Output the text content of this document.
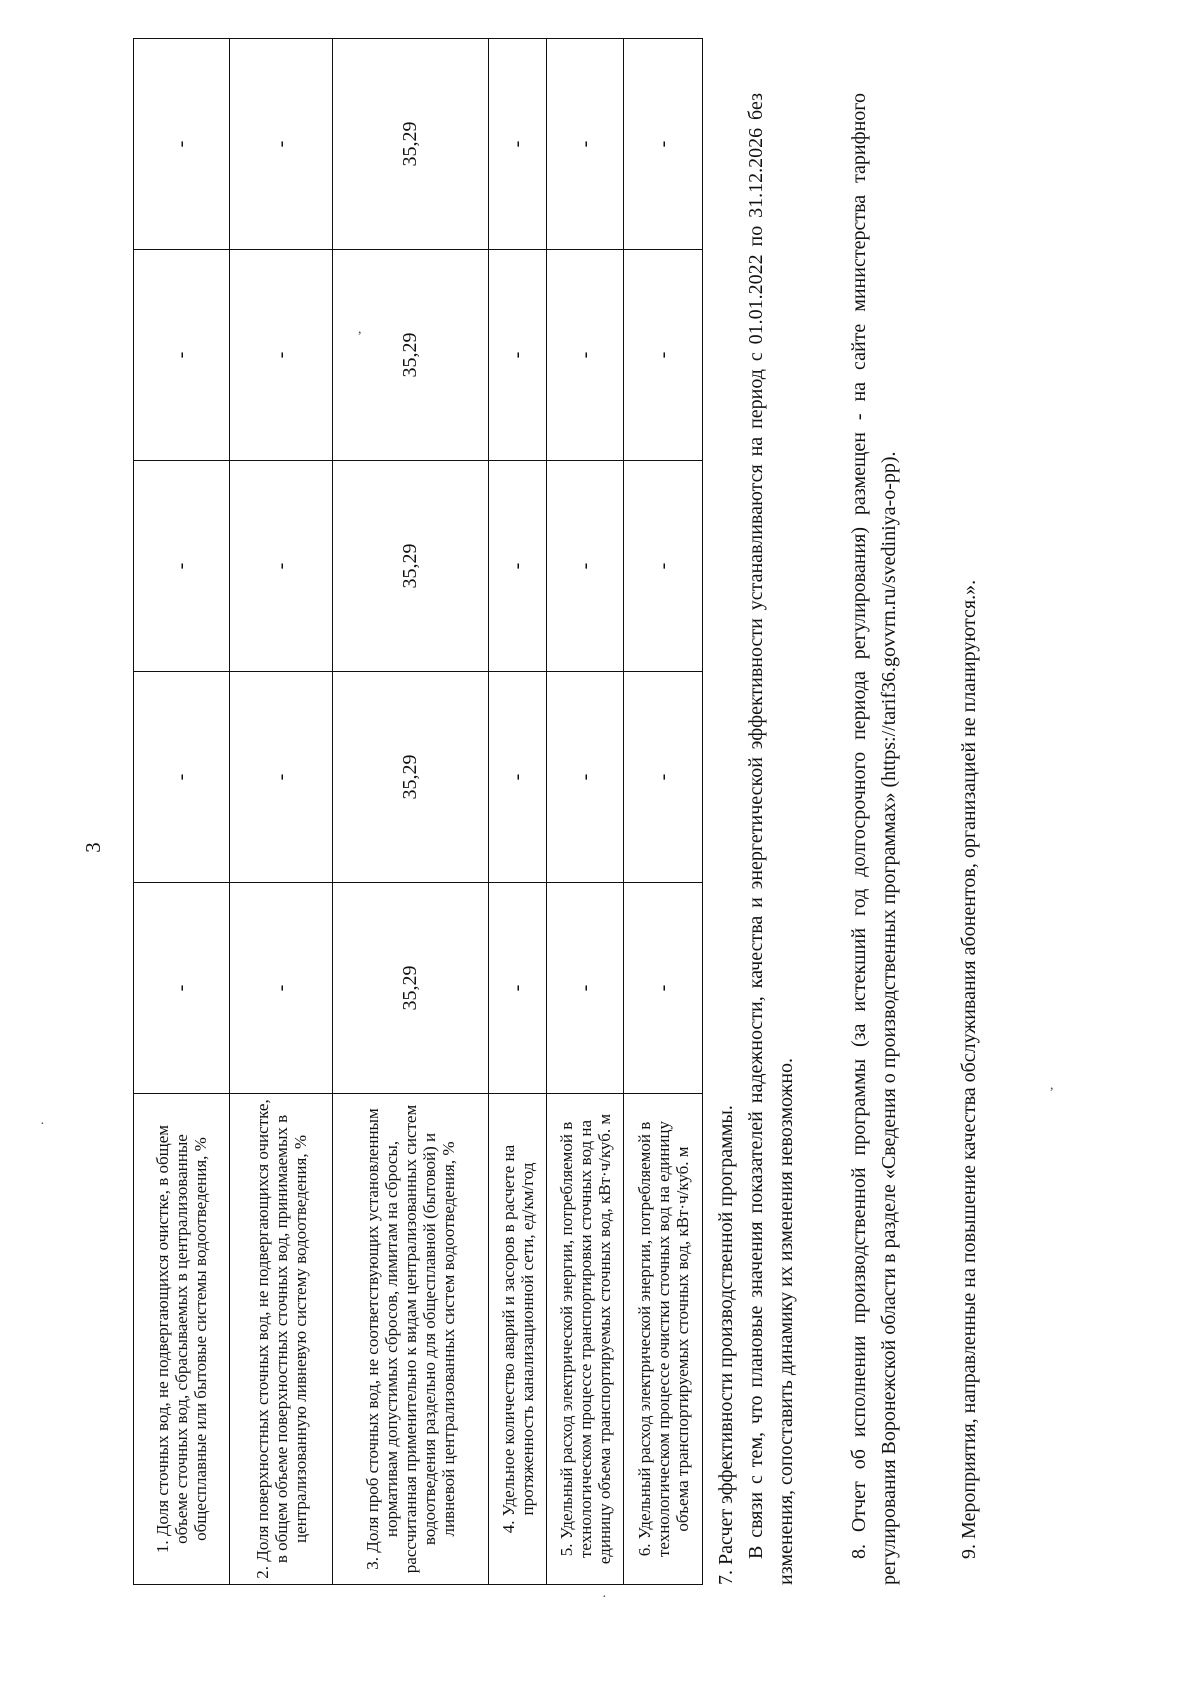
3
1. Доля сточных вод, не подвергающихся очистке, в общем объеме сточных вод, сбрасываемых в централизованные общесплавные или бытовые системы водоотведения, %	-	-	-	-	-
2. Доля поверхностных сточных вод, не подвергающихся очистке, в общем объеме поверхностных сточных вод, принимаемых в централизованную ливневую систему водоотведения, %	-	-	-	-	-
3. Доля проб сточных вод, не соответствующих установленным нормативам допустимых сбросов, лимитам на сбросы, рассчитанная применительно к видам централизованных систем водоотведения раздельно для общесплавной (бытовой) и ливневой централизованных систем водоотведения, %	35,29	35,29	35,29	35,29	35,29
4. Удельное количество аварий и засоров в расчете на протяженность канализационной сети, ед/км/год	-	-	-	-	-
5. Удельный расход электрической энергии, потребляемой в технологическом процессе транспортировки сточных вод на единицу объема транспортируемых сточных вод, кВт·ч/куб. м	-	-	-	-	-
6. Удельный расход электрической энергии, потребляемой в технологическом процессе очистки сточных вод на единицу объема транспортируемых сточных вод, кВт·ч/куб. м	-	-	-	-	-
7. Расчет эффективности производственной программы. В связи с тем, что плановые значения показателей надежности, качества и энергетической эффективности устанавливаются на период с 01.01.2022 по 31.12.2026 без изменения, сопоставить динамику их изменения невозможно.	8. Отчет об исполнении производственной программы (за истекший год долгосрочного периода регулирования) размещен - на сайте министерства тарифного регулирования Воронежской области в разделе «Сведения о производственных программах» (https://tarif36.govvrn.ru/svediniya-o-pp).	9. Мероприятия, направленные на повышение качества обслуживания абонентов, организацией не планируются.».
,
·
,
·
